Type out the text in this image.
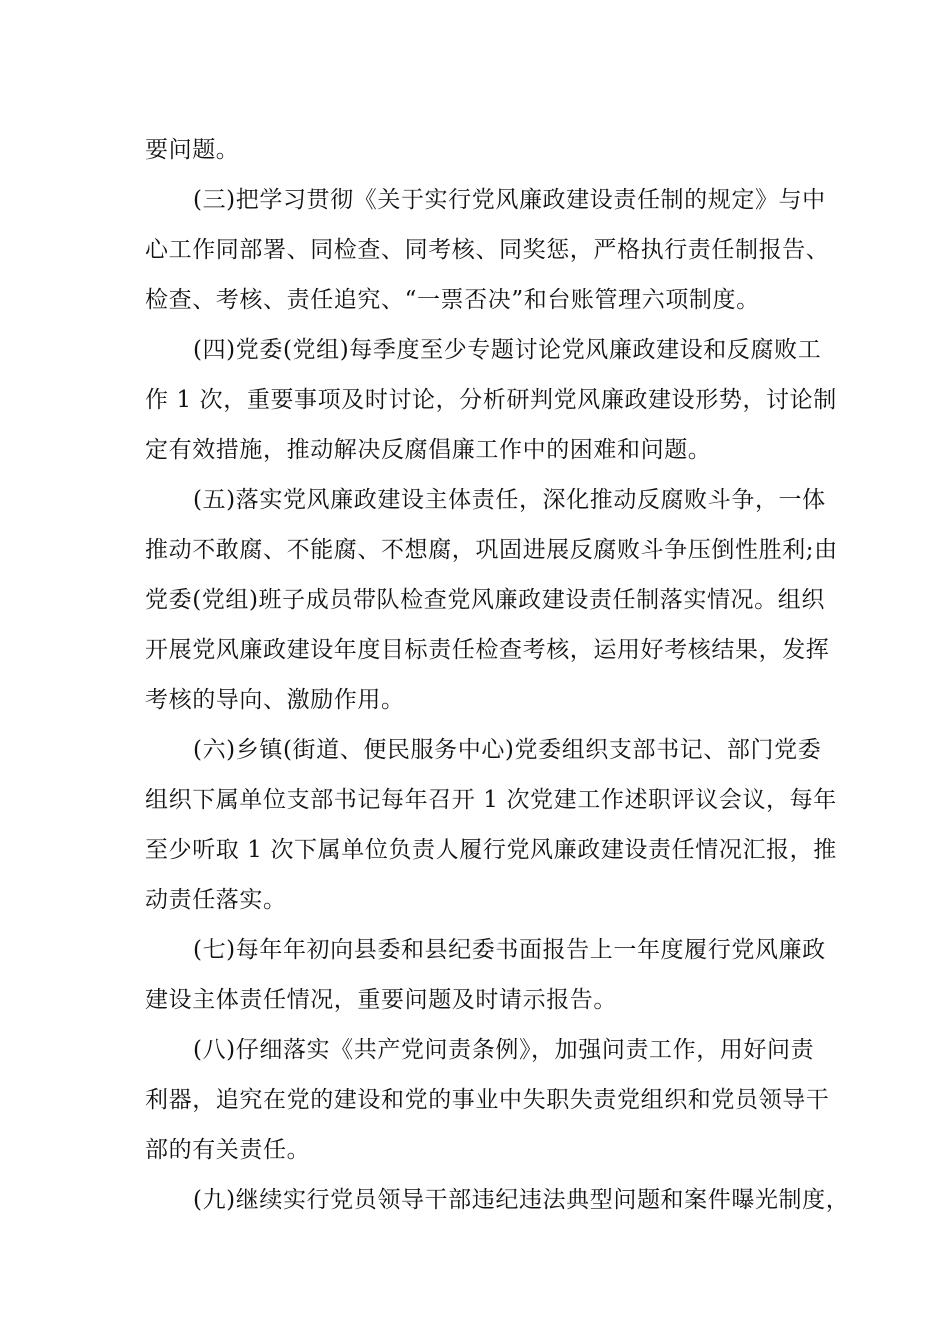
要问题。
(三)把学习贯彻《关于实行党风廉政建设责任制的规定》与中
心工作同部署、同检查、同考核、同奖惩，严格执行责任制报告、
检查、考核、责任追究、“一票否决”和台账管理六项制度。
(四)党委(党组)每季度至少专题讨论党风廉政建设和反腐败工
作 1 次，重要事项及时讨论，分析研判党风廉政建设形势，讨论制
定有效措施，推动解决反腐倡廉工作中的困难和问题。
(五)落实党风廉政建设主体责任，深化推动反腐败斗争，一体
推动不敢腐、不能腐、不想腐，巩固进展反腐败斗争压倒性胜利;由
党委(党组)班子成员带队检查党风廉政建设责任制落实情况。组织
开展党风廉政建设年度目标责任检查考核，运用好考核结果，发挥
考核的导向、激励作用。
(六)乡镇(街道、便民服务中心)党委组织支部书记、部门党委
组织下属单位支部书记每年召开 1 次党建工作述职评议会议，每年
至少听取 1 次下属单位负责人履行党风廉政建设责任情况汇报，推
动责任落实。
(七)每年年初向县委和县纪委书面报告上一年度履行党风廉政
建设主体责任情况，重要问题及时请示报告。
(八)仔细落实《共产党问责条例》，加强问责工作，用好问责
利器，追究在党的建设和党的事业中失职失责党组织和党员领导干
部的有关责任。
(九)继续实行党员领导干部违纪违法典型问题和案件曝光制度，
